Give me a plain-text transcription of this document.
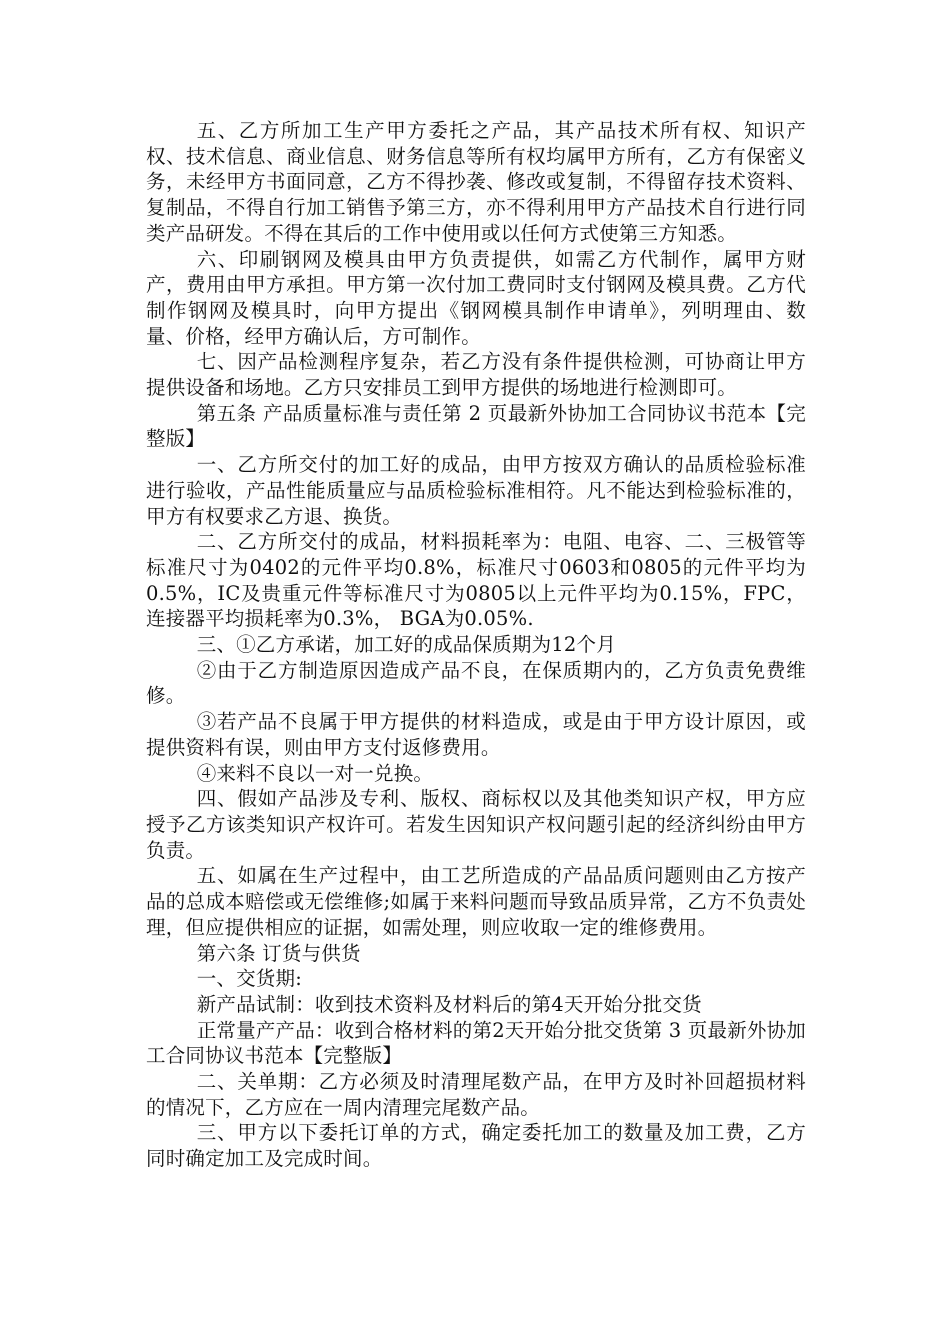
五、乙方所加工生产甲方委托之产品，其产品技术所有权、知识产权、技术信息、商业信息、财务信息等所有权均属甲方所有，乙方有保密义务，未经甲方书面同意，乙方不得抄袭、修改或复制，不得留存技术资料、复制品，不得自行加工销售予第三方，亦不得利用甲方产品技术自行进行同类产品研发。不得在其后的工作中使用或以任何方式使第三方知悉。

六、印刷钢网及模具由甲方负责提供，如需乙方代制作，属甲方财产，费用由甲方承担。甲方第一次付加工费同时支付钢网及模具费。乙方代制作钢网及模具时，向甲方提出《钢网模具制作申请单》，列明理由、数量、价格，经甲方确认后，方可制作。

七、因产品检测程序复杂，若乙方没有条件提供检测，可协商让甲方提供设备和场地。乙方只安排员工到甲方提供的场地进行检测即可。

第五条 产品质量标准与责任第 2 页最新外协加工合同协议书范本【完整版】

一、乙方所交付的加工好的成品，由甲方按双方确认的品质检验标准进行验收，产品性能质量应与品质检验标准相符。凡不能达到检验标准的，甲方有权要求乙方退、换货。

二、乙方所交付的成品，材料损耗率为：电阻、电容、二、三极管等标准尺寸为0402的元件平均0.8%，标准尺寸0603和0805的元件平均为 0.5%，IC及贵重元件等标准尺寸为0805以上元件平均为0.15%，FPC，连接器平均损耗率为0.3%， BGA为0.05%.

三、①乙方承诺，加工好的成品保质期为12个月

②由于乙方制造原因造成产品不良，在保质期内的，乙方负责免费维修。

③若产品不良属于甲方提供的材料造成，或是由于甲方设计原因，或提供资料有误，则由甲方支付返修费用。

④来料不良以一对一兑换。

四、假如产品涉及专利、版权、商标权以及其他类知识产权，甲方应授予乙方该类知识产权许可。若发生因知识产权问题引起的经济纠纷由甲方负责。

五、如属在生产过程中，由工艺所造成的产品品质问题则由乙方按产品的总成本赔偿或无偿维修;如属于来料问题而导致品质异常，乙方不负责处理，但应提供相应的证据，如需处理，则应收取一定的维修费用。

第六条 订货与供货

一、交货期:

新产品试制：收到技术资料及材料后的第4天开始分批交货

正常量产产品：收到合格材料的第2天开始分批交货第 3 页最新外协加工合同协议书范本【完整版】

二、关单期：乙方必须及时清理尾数产品，在甲方及时补回超损材料的情况下，乙方应在一周内清理完尾数产品。

三、甲方以下委托订单的方式，确定委托加工的数量及加工费，乙方同时确定加工及完成时间。
